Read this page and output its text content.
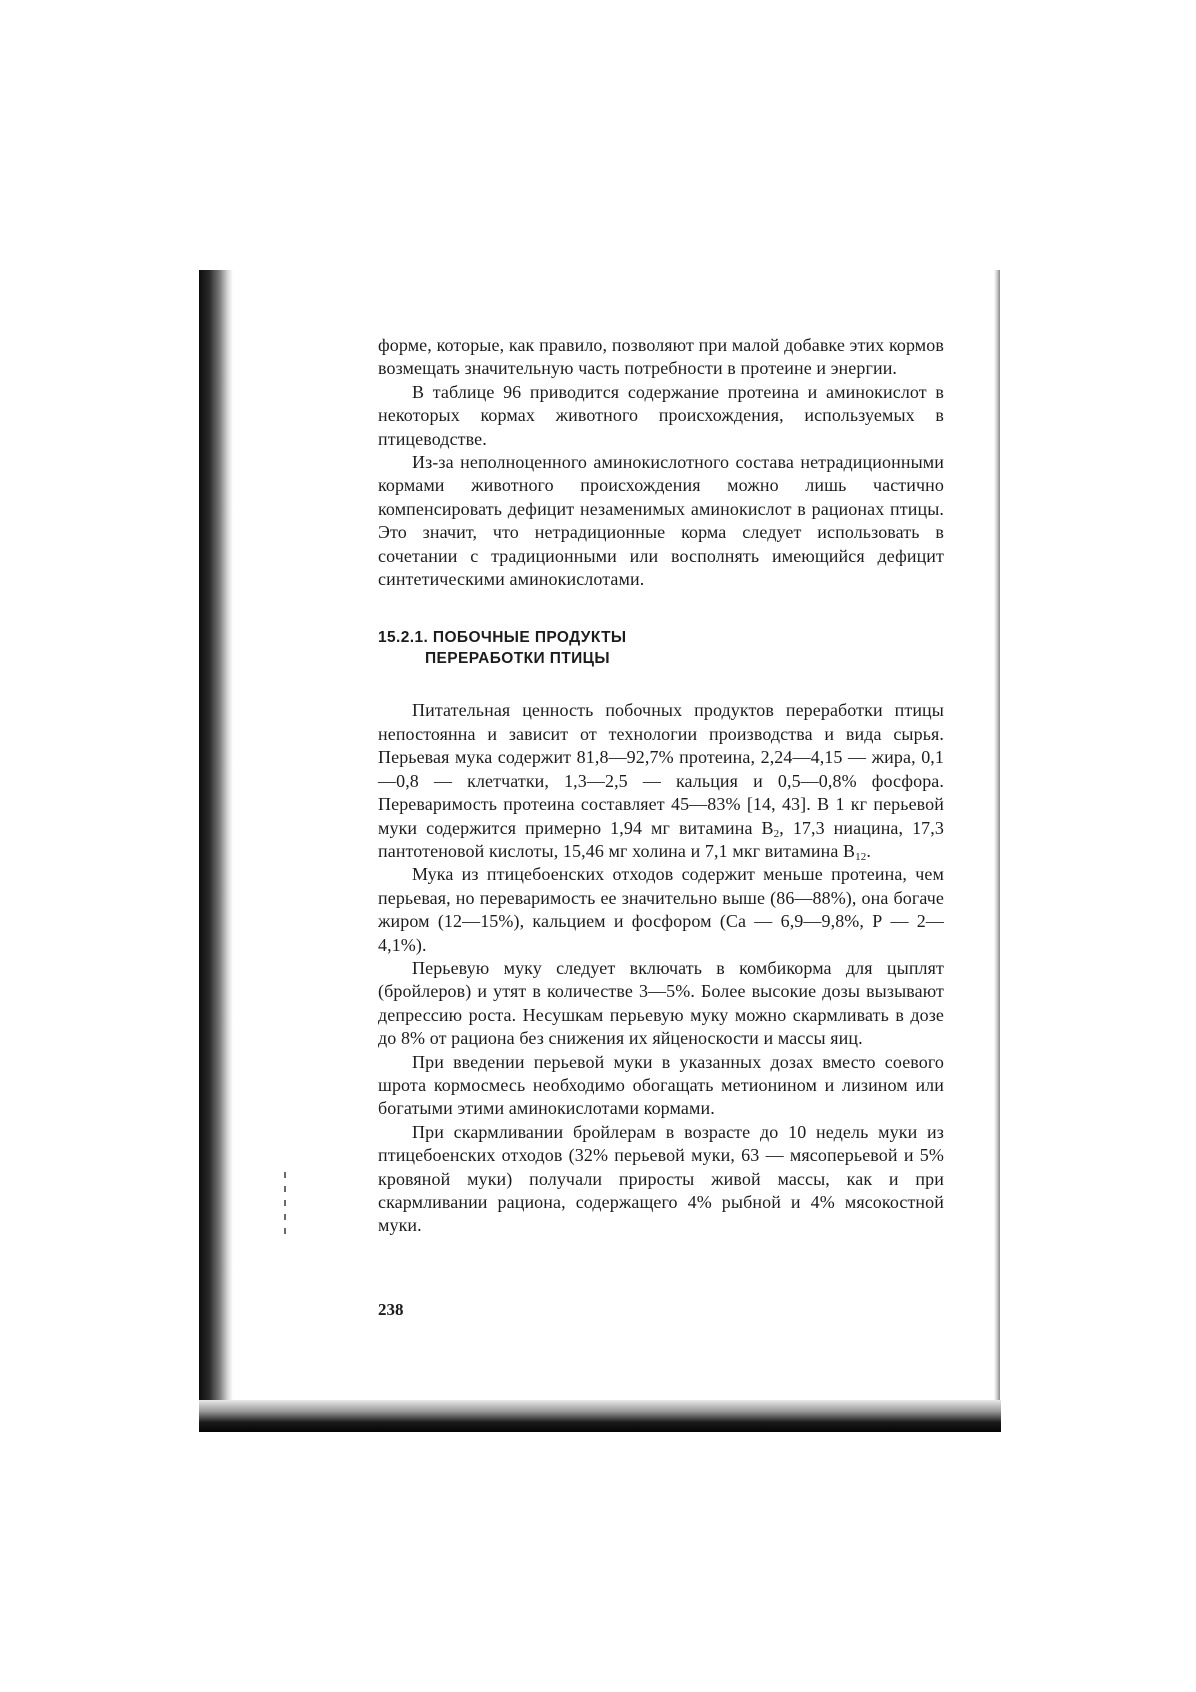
форме, которые, как правило, позволяют при малой добавке этих кормов возмещать значительную часть потребности в протеине и энергии.

В таблице 96 приводится содержание протеина и аминокислот в некоторых кормах животного происхождения, используемых в птицеводстве.

Из-за неполноценного аминокислотного состава нетрадиционными кормами животного происхождения можно лишь частично компенсировать дефицит незаменимых аминокислот в рационах птицы. Это значит, что нетрадиционные корма следует использовать в сочетании с традиционными или восполнять имеющийся дефицит синтетическими аминокислотами.

15.2.1. ПОБОЧНЫЕ ПРОДУКТЫ
ПЕРЕРАБОТКИ ПТИЦЫ

Питательная ценность побочных продуктов переработки птицы непостоянна и зависит от технологии производства и вида сырья. Перьевая мука содержит 81,8—92,7% протеина, 2,24—4,15 — жира, 0,1—0,8 — клетчатки, 1,3—2,5 — кальция и 0,5—0,8% фосфора. Переваримость протеина составляет 45—83% [14, 43]. В 1 кг перьевой муки содержится примерно 1,94 мг витамина $B_2$, 17,3 ниацина, 17,3 пантотеновой кислоты, 15,46 мг холина и 7,1 мкг витамина $B_{12}$.

Мука из птицебоенских отходов содержит меньше протеина, чем перьевая, но переваримость ее значительно выше (86—88%), она богаче жиром (12—15%), кальцием и фосфором (Са — 6,9—9,8%, Р — 2—4,1%).

Перьевую муку следует включать в комбикорма для цыплят (бройлеров) и утят в количестве 3—5%. Более высокие дозы вызывают депрессию роста. Несушкам перьевую муку можно скармливать в дозе до 8% от рациона без снижения их яйценоскости и массы яиц.

При введении перьевой муки в указанных дозах вместо соевого шрота кормосмесь необходимо обогащать метионином и лизином или богатыми этими аминокислотами кормами.

При скармливании бройлерам в возрасте до 10 недель муки из птицебоенских отходов (32% перьевой муки, 63 — мясоперьевой и 5% кровяной муки) получали приросты живой массы, как и при скармливании рациона, содержащего 4% рыбной и 4% мясокостной муки.

238
